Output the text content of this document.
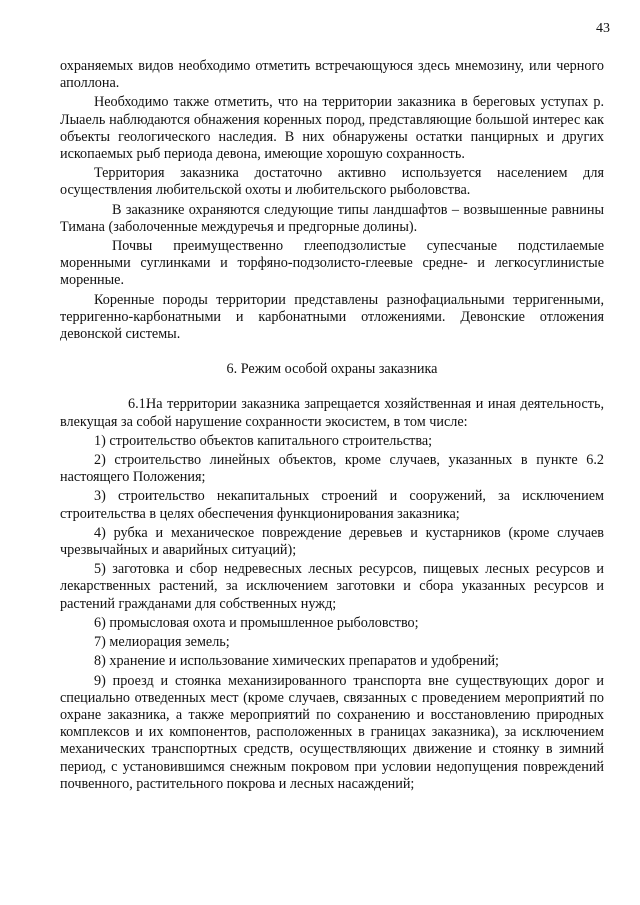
43

охраняемых видов необходимо отметить встречающуюся здесь мнемозину, или черного аполлона.

Необходимо также отметить, что на территории заказника в береговых уступах р. Лыаель наблюдаются обнажения коренных пород, представляющие большой интерес как объекты геологического наследия. В них обнаружены остатки панцирных и других ископаемых рыб периода девона, имеющие хорошую сохранность.

Территория заказника достаточно активно используется населением для осуществления любительской охоты и любительского рыболовства.

В заказнике охраняются следующие типы ландшафтов – возвышенные равнины Тимана (заболоченные междуречья и предгорные долины).

Почвы преимущественно глееподзолистые супесчаные подстилаемые моренными суглинками и торфяно-подзолисто-глеевые средне- и легкосуглинистые моренные.

Коренные породы территории представлены разнофациальными терригенными, терригенно-карбонатными и карбонатными отложениями. Девонские отложения девонской системы.

6. Режим особой охраны заказника

6.1.На территории заказника запрещается хозяйственная и иная деятельность, влекущая за собой нарушение сохранности экосистем, в том числе:

1) строительство объектов капитального строительства;

2) строительство линейных объектов, кроме случаев, указанных в пункте 6.2 настоящего Положения;

3) строительство некапитальных строений и сооружений, за исключением строительства в целях обеспечения функционирования заказника;

4) рубка и механическое повреждение деревьев и кустарников (кроме случаев чрезвычайных и аварийных ситуаций);

5) заготовка и сбор недревесных лесных ресурсов, пищевых лесных ресурсов и лекарственных растений, за исключением заготовки и сбора указанных ресурсов и растений гражданами для собственных нужд;

6) промысловая охота и промышленное рыболовство;

7) мелиорация земель;

8) хранение и использование химических препаратов и удобрений;

9) проезд и стоянка механизированного транспорта вне существующих дорог и специально отведенных мест (кроме случаев, связанных с проведением мероприятий по охране заказника, а также мероприятий по сохранению и восстановлению природных комплексов и их компонентов, расположенных в границах заказника), за исключением механических транспортных средств, осуществляющих движение и стоянку в зимний период, с установившимся снежным покровом при условии недопущения повреждений почвенного, растительного покрова и лесных насаждений;
